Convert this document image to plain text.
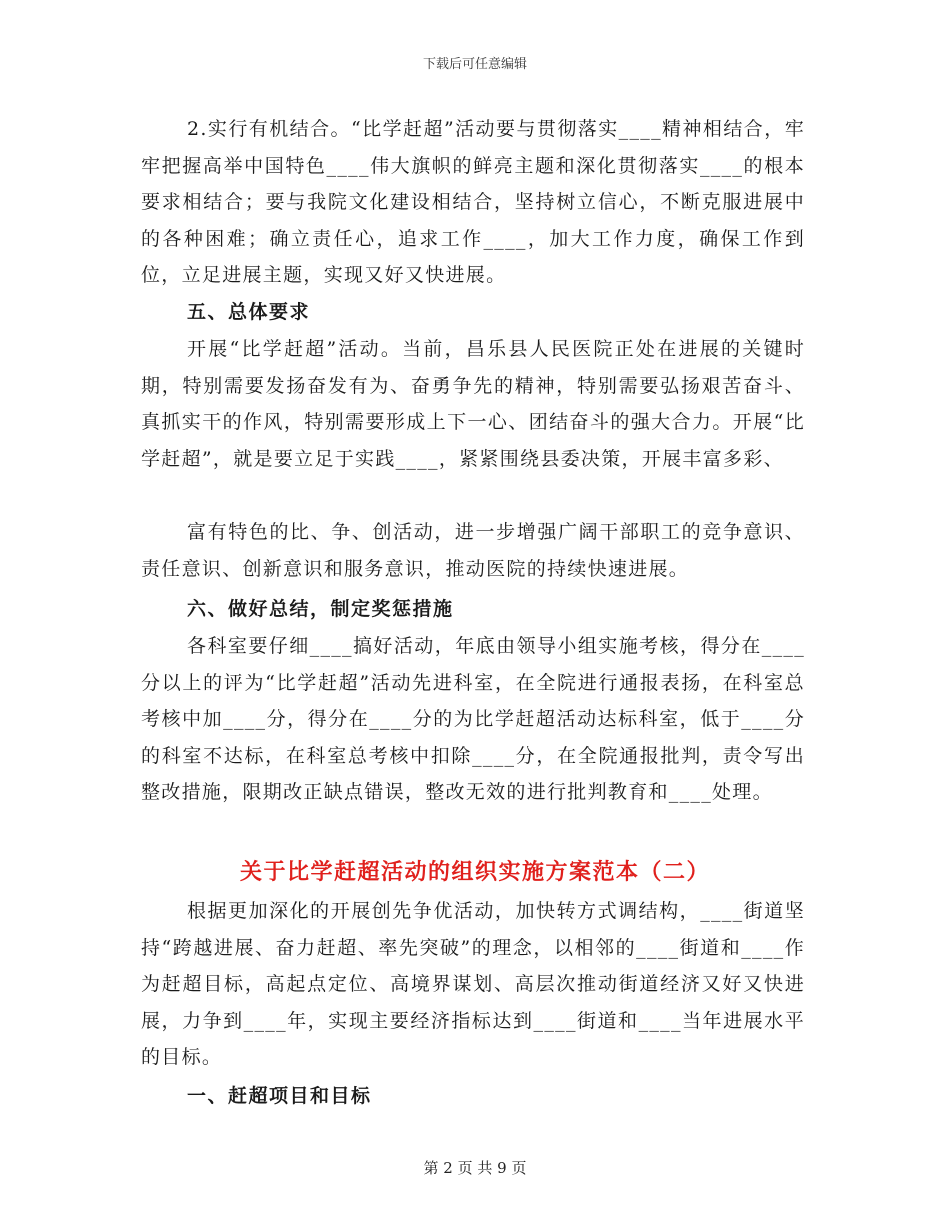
下载后可任意编辑

2.实行有机结合。“比学赶超”活动要与贯彻落实____精神相结合，牢牢把握高举中国特色____伟大旗帜的鲜亮主题和深化贯彻落实____的根本要求相结合；要与我院文化建设相结合，坚持树立信心，不断克服进展中的各种困难；确立责任心，追求工作____，加大工作力度，确保工作到位，立足进展主题，实现又好又快进展。

五、总体要求

开展“比学赶超”活动。当前，昌乐县人民医院正处在进展的关键时期，特别需要发扬奋发有为、奋勇争先的精神，特别需要弘扬艰苦奋斗、真抓实干的作风，特别需要形成上下一心、团结奋斗的强大合力。开展“比学赶超”，就是要立足于实践____，紧紧围绕县委决策，开展丰富多彩、

富有特色的比、争、创活动，进一步增强广阔干部职工的竞争意识、责任意识、创新意识和服务意识，推动医院的持续快速进展。

六、做好总结，制定奖惩措施

各科室要仔细____搞好活动，年底由领导小组实施考核，得分在____分以上的评为“比学赶超”活动先进科室，在全院进行通报表扬，在科室总考核中加____分，得分在____分的为比学赶超活动达标科室，低于____分的科室不达标，在科室总考核中扣除____分，在全院通报批判，责令写出整改措施，限期改正缺点错误，整改无效的进行批判教育和____处理。

关于比学赶超活动的组织实施方案范本（二）

根据更加深化的开展创先争优活动，加快转方式调结构，____街道坚持“跨越进展、奋力赶超、率先突破”的理念，以相邻的____街道和____作为赶超目标，高起点定位、高境界谋划、高层次推动街道经济又好又快进展，力争到____年，实现主要经济指标达到____街道和____当年进展水平的目标。

一、赶超项目和目标

第 2 页 共 9 页
